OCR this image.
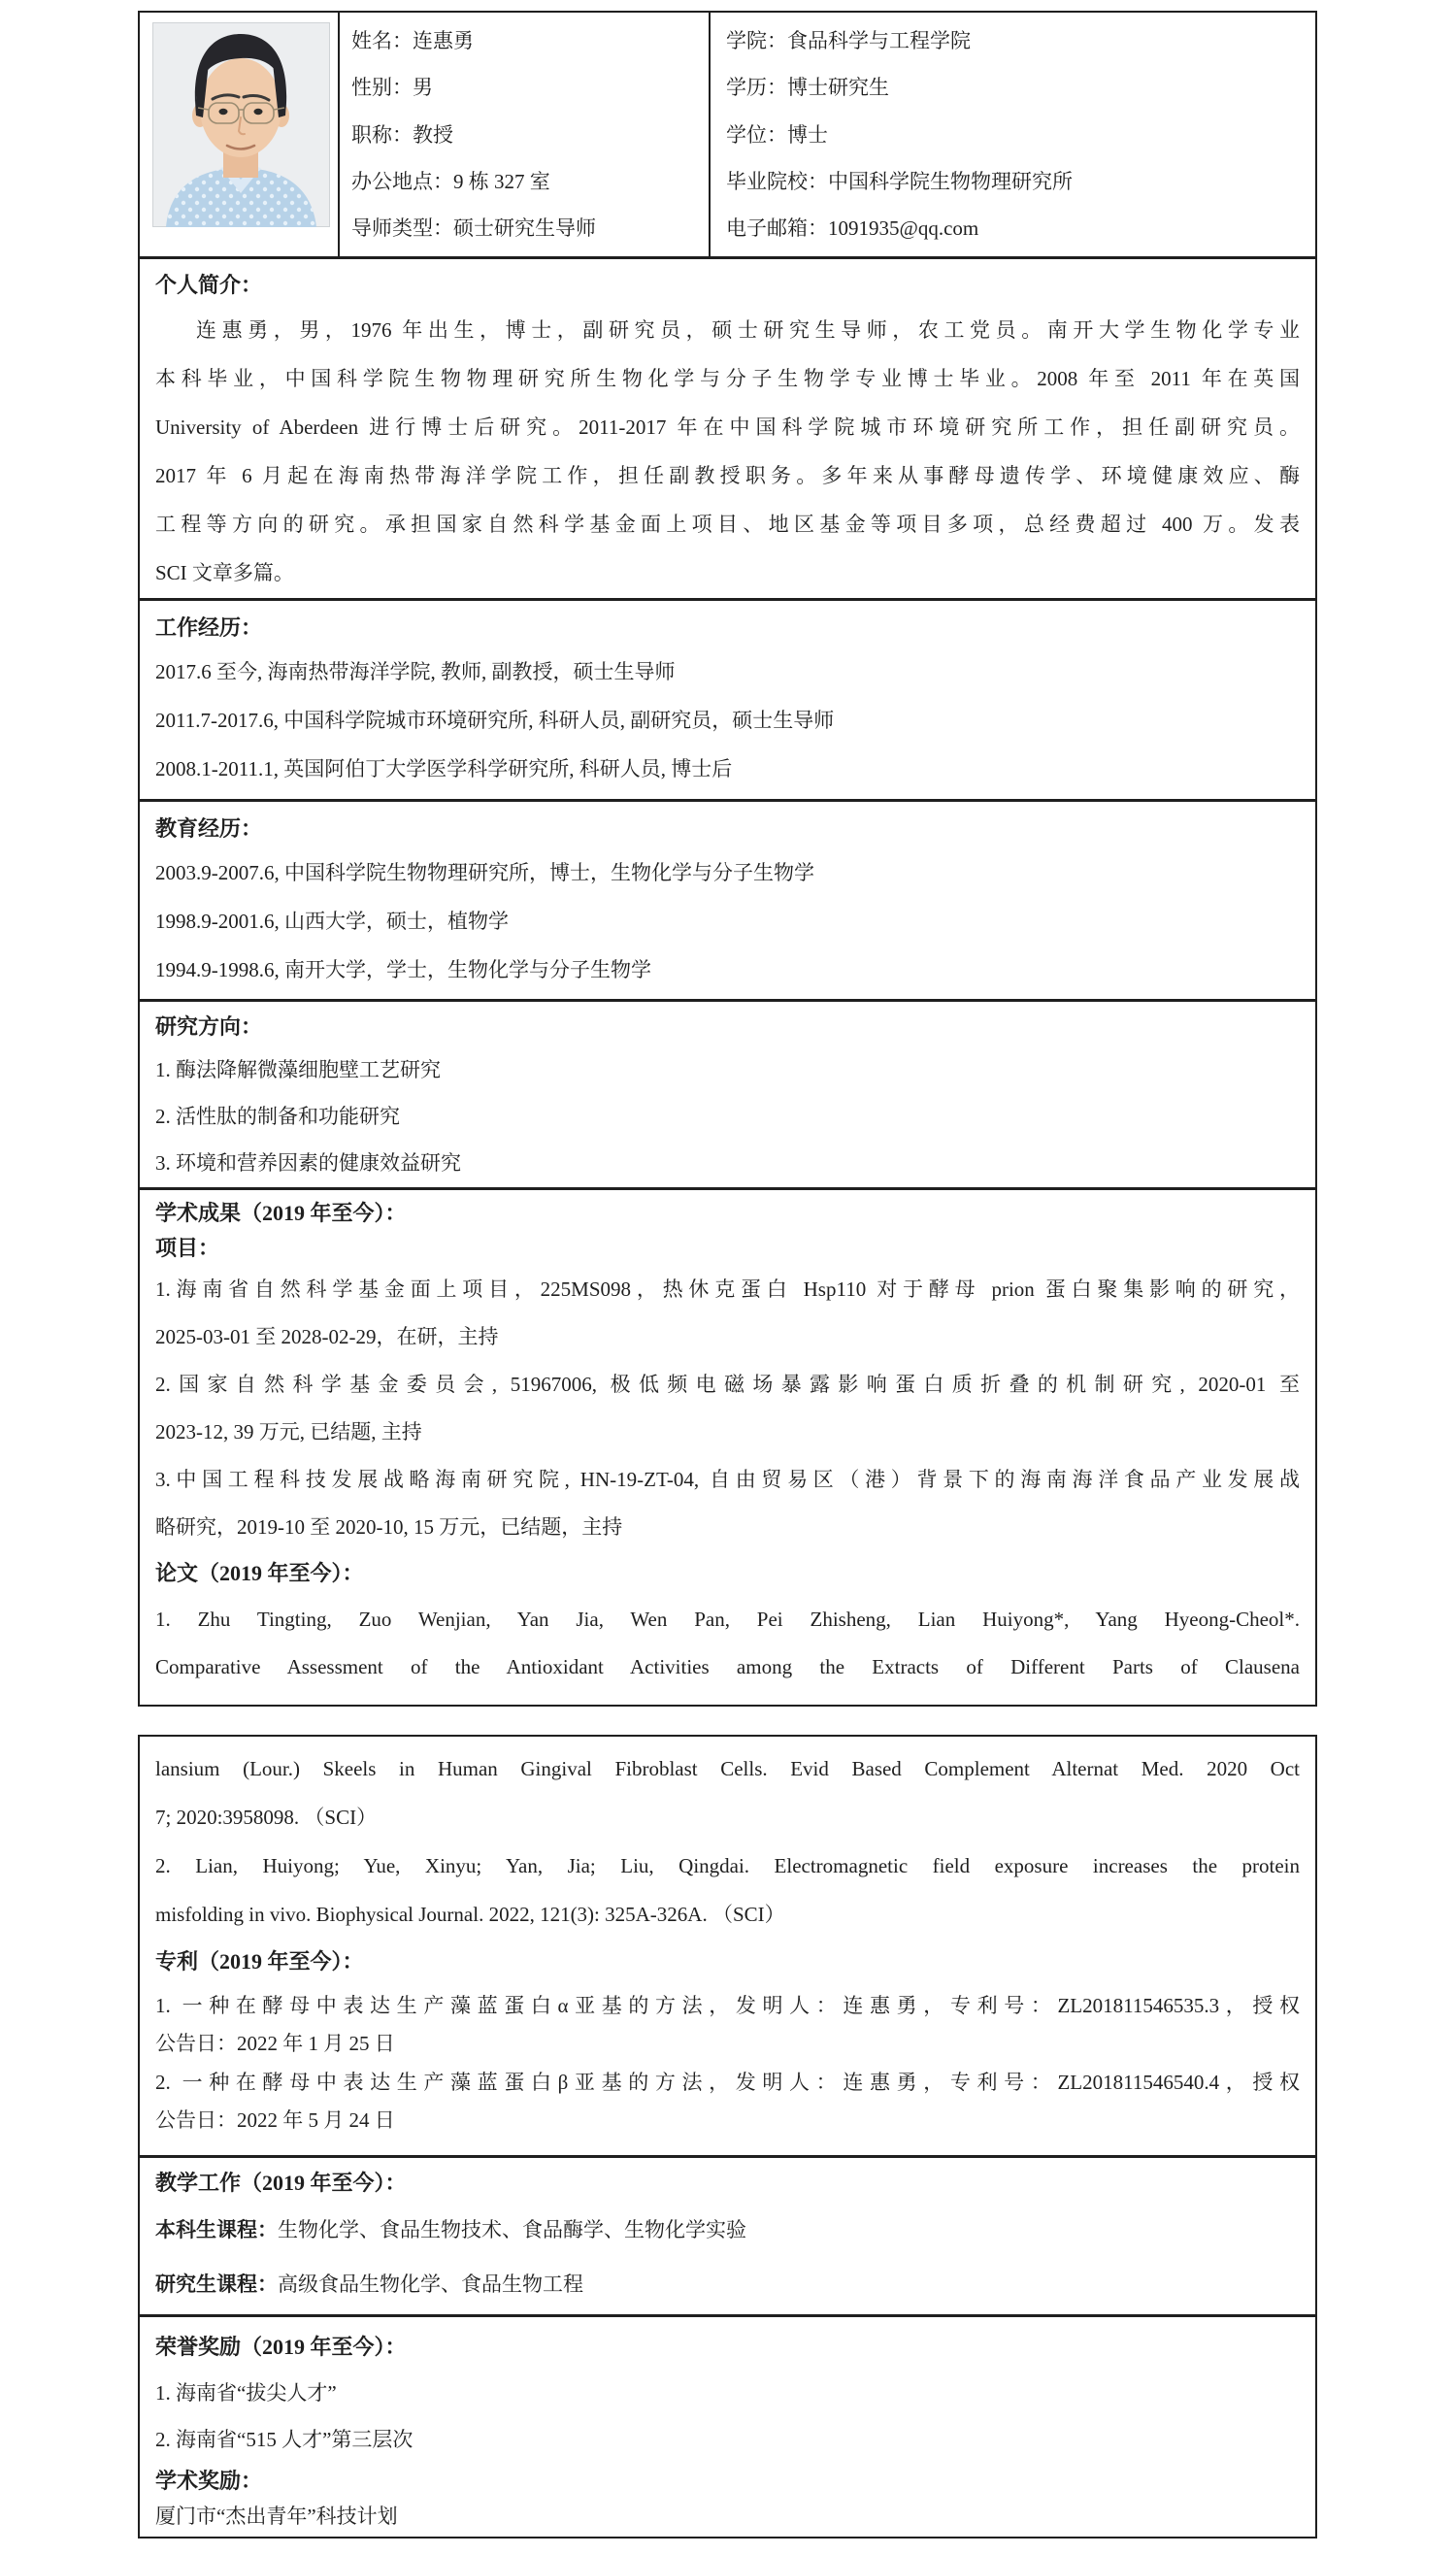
姓名：连惠勇
性别：男
职称：教授
办公地点：9 栋 327 室
导师类型：硕士研究生导师
学院：食品科学与工程学院
学历：博士研究生
学位：博士
毕业院校：中国科学院生物物理研究所
电子邮箱：1091935@qq.com
个人简介：
连惠勇，男，1976 年出生，博士，副研究员，硕士研究生导师，农工党员。南开大学生物化学专业
本科毕业，中国科学院生物物理研究所生物化学与分子生物学专业博士毕业。2008 年至 2011 年在英国
University of Aberdeen 进行博士后研究。2011-2017 年在中国科学院城市环境研究所工作，担任副研究员。
2017 年 6 月起在海南热带海洋学院工作，担任副教授职务。多年来从事酵母遗传学、环境健康效应、酶
工程等方向的研究。承担国家自然科学基金面上项目、地区基金等项目多项，总经费超过 400 万。发表
SCI 文章多篇。
工作经历：
2017.6 至今, 海南热带海洋学院, 教师, 副教授，硕士生导师
2011.7-2017.6, 中国科学院城市环境研究所, 科研人员, 副研究员，硕士生导师
2008.1-2011.1, 英国阿伯丁大学医学科学研究所, 科研人员, 博士后
教育经历：
2003.9-2007.6, 中国科学院生物物理研究所，博士，生物化学与分子生物学
1998.9-2001.6, 山西大学，硕士，植物学
1994.9-1998.6, 南开大学，学士，生物化学与分子生物学
研究方向：
1. 酶法降解微藻细胞壁工艺研究
2. 活性肽的制备和功能研究
3. 环境和营养因素的健康效益研究
学术成果（2019 年至今）：
项目：
1.海南省自然科学基金面上项目，225MS098，热休克蛋白 Hsp110 对于酵母 prion 蛋白聚集影响的研究，
2025-03-01 至 2028-02-29，在研，主持
2.国家自然科学基金委员会, 51967006, 极低频电磁场暴露影响蛋白质折叠的机制研究, 2020-01 至
2023-12, 39 万元, 已结题, 主持
3.中国工程科技发展战略海南研究院, HN-19-ZT-04, 自由贸易区（港）背景下的海南海洋食品产业发展战
略研究，2019-10 至 2020-10, 15 万元，已结题，主持
论文（2019 年至今）：
1. Zhu Tingting, Zuo Wenjian, Yan Jia, Wen Pan, Pei Zhisheng, Lian Huiyong*, Yang Hyeong-Cheol*.
Comparative Assessment of the Antioxidant Activities among the Extracts of Different Parts of Clausena
lansium (Lour.) Skeels in Human Gingival Fibroblast Cells. Evid Based Complement Alternat Med. 2020 Oct
7; 2020:3958098. （SCI）
2. Lian, Huiyong; Yue, Xinyu; Yan, Jia; Liu, Qingdai. Electromagnetic field exposure increases the protein
misfolding in vivo. Biophysical Journal. 2022, 121(3): 325A-326A. （SCI）
专利（2019 年至今）：
1. 一种在酵母中表达生产藻蓝蛋白α亚基的方法，发明人：连惠勇，专利号：ZL201811546535.3，授权
公告日：2022 年 1 月 25 日
2. 一种在酵母中表达生产藻蓝蛋白β亚基的方法，发明人：连惠勇，专利号：ZL201811546540.4，授权
公告日：2022 年 5 月 24 日
教学工作（2019 年至今）：
本科生课程：生物化学、食品生物技术、食品酶学、生物化学实验
研究生课程：高级食品生物化学、食品生物工程
荣誉奖励（2019 年至今）：
1. 海南省“拔尖人才”
2. 海南省“515 人才”第三层次
学术奖励：
厦门市“杰出青年”科技计划
